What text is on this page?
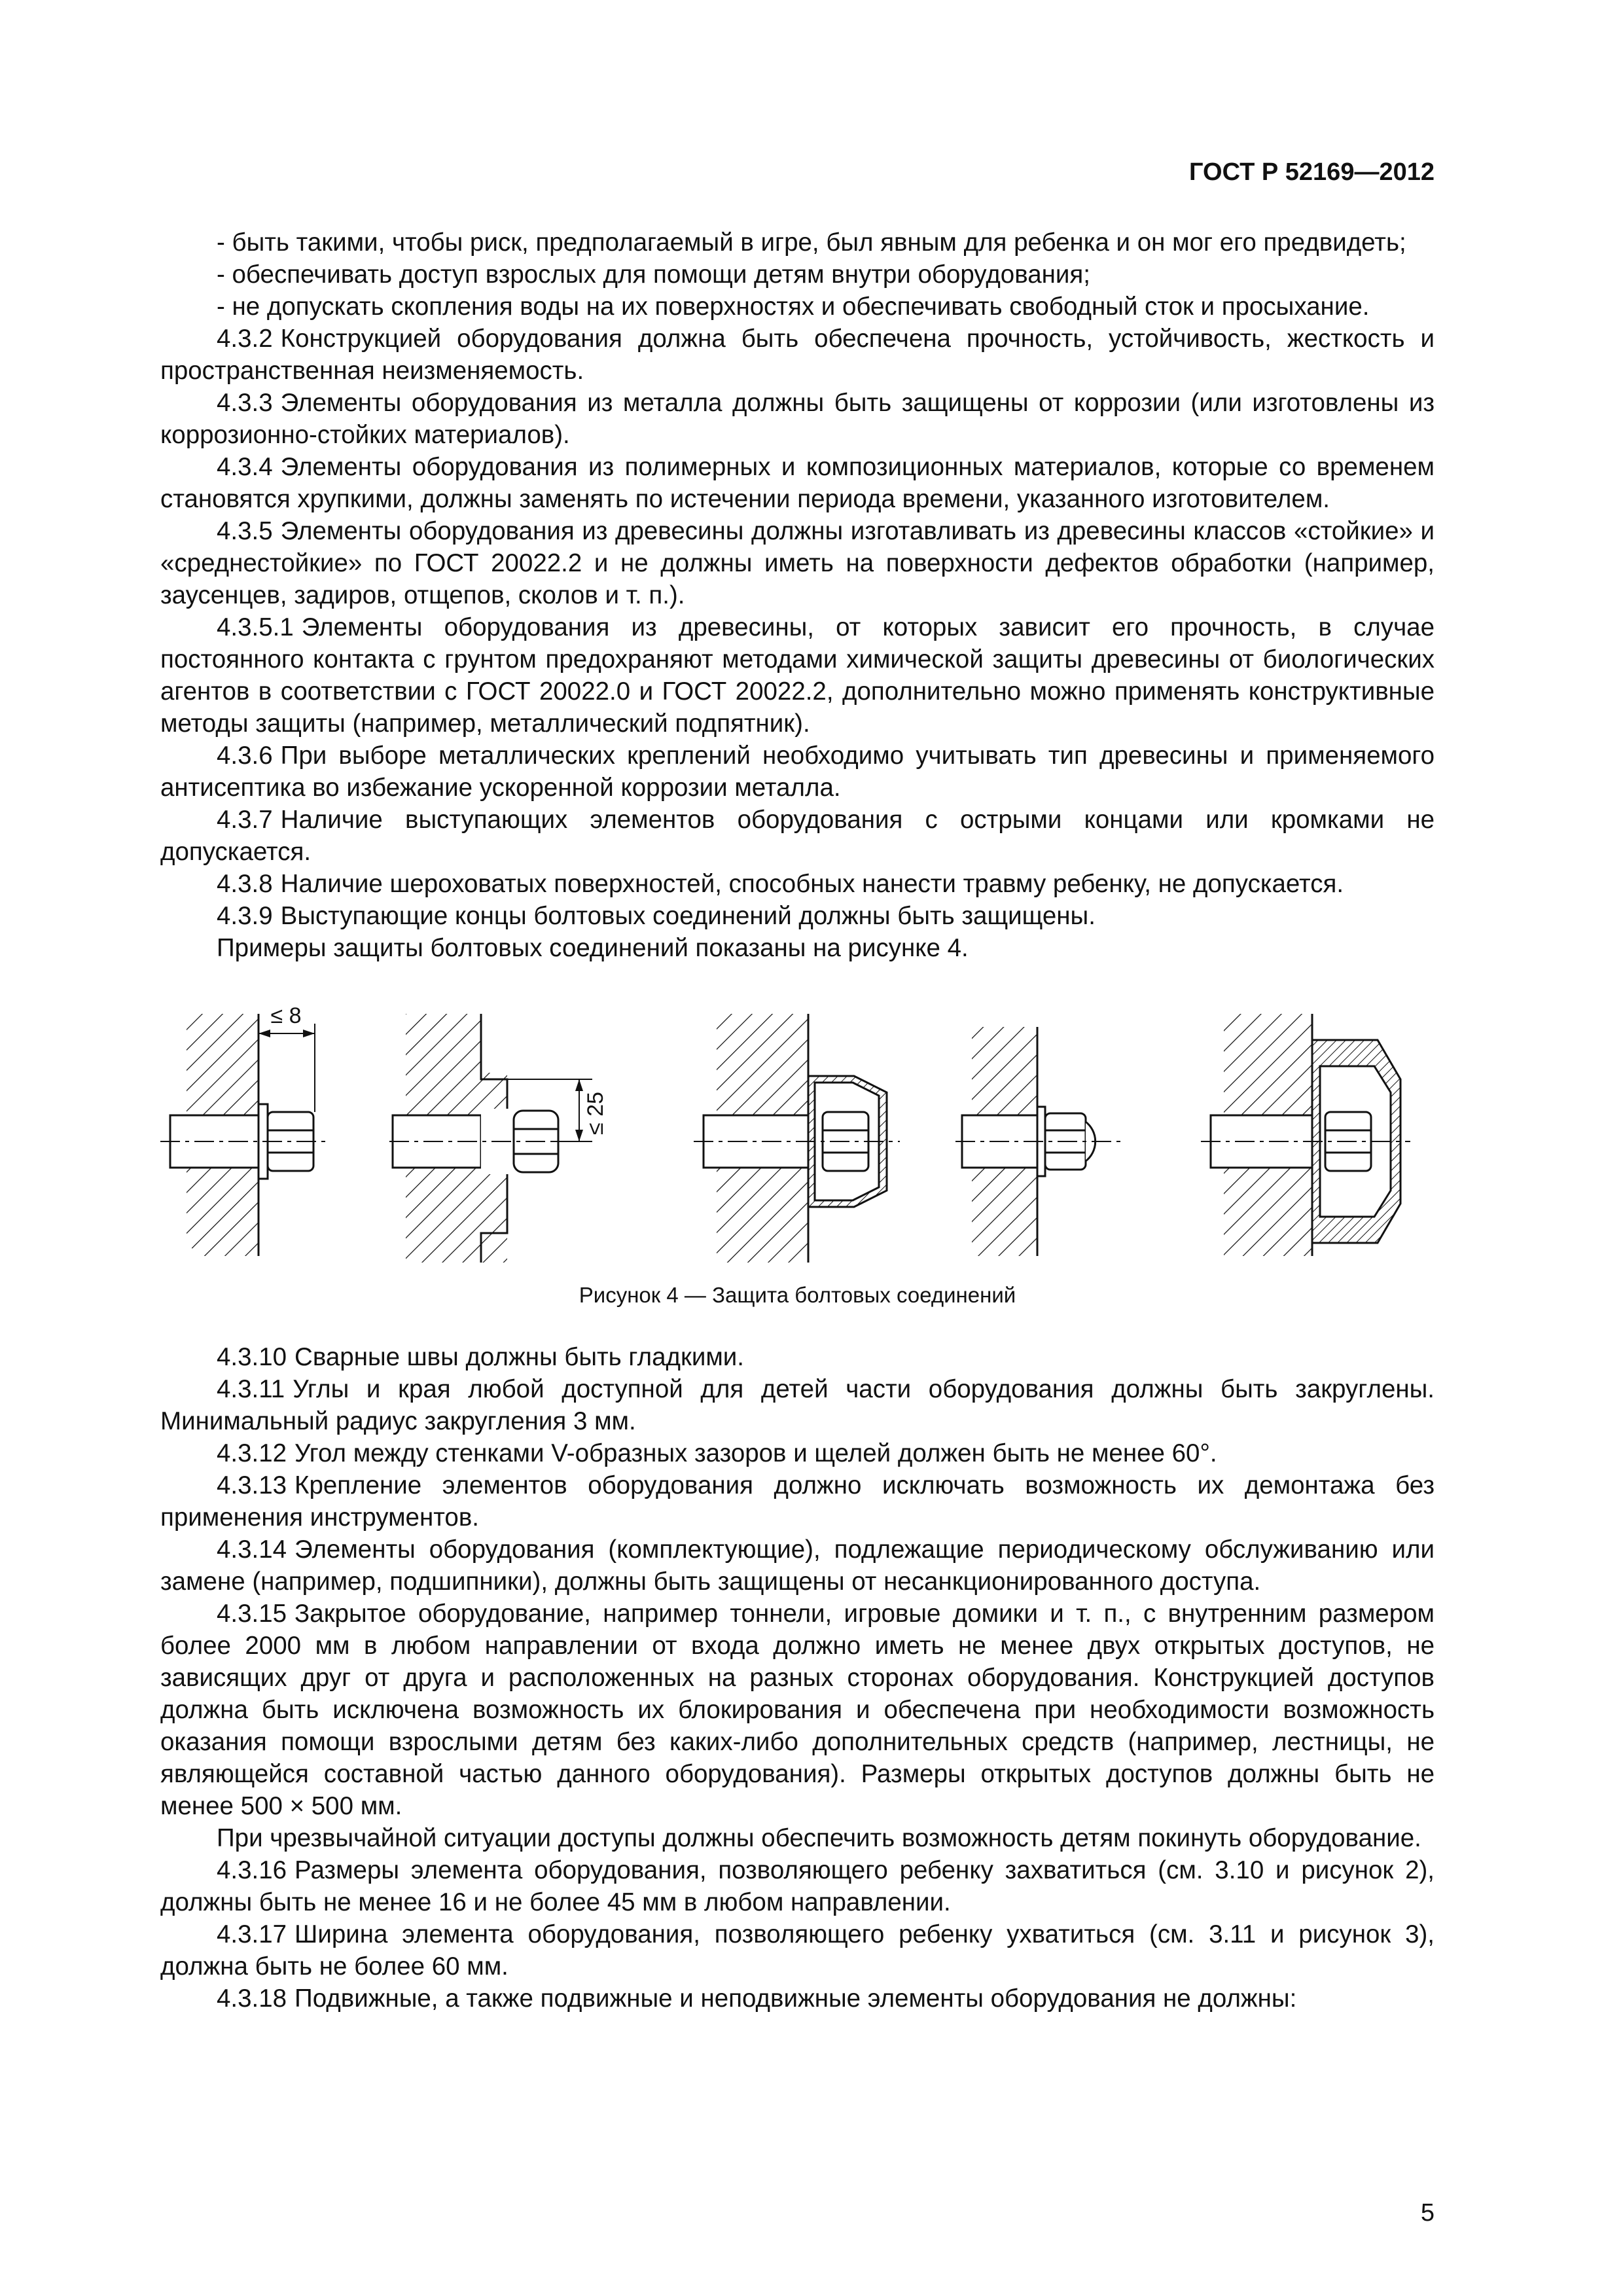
ГОСТ Р 52169—2012

- быть такими, чтобы риск, предполагаемый в игре, был явным для ребенка и он мог его предвидеть;

- обеспечивать доступ взрослых для помощи детям внутри оборудования;

- не допускать скопления воды на их поверхностях и обеспечивать свободный сток и просыхание.

4.3.2 Конструкцией оборудования должна быть обеспечена прочность, устойчивость, жесткость и пространственная неизменяемость.

4.3.3 Элементы оборудования из металла должны быть защищены от коррозии (или изготовлены из коррозионно-стойких материалов).

4.3.4 Элементы оборудования из полимерных и композиционных материалов, которые со временем становятся хрупкими, должны заменять по истечении периода времени, указанного изготовителем.

4.3.5 Элементы оборудования из древесины должны изготавливать из древесины классов «стойкие» и «среднестойкие» по ГОСТ 20022.2 и не должны иметь на поверхности дефектов обработки (например, заусенцев, задиров, отщепов, сколов и т. п.).

4.3.5.1 Элементы оборудования из древесины, от которых зависит его прочность, в случае постоянного контакта с грунтом предохраняют методами химической защиты древесины от биологических агентов в соответствии с ГОСТ 20022.0 и ГОСТ 20022.2, дополнительно можно применять конструктивные методы защиты (например, металлический подпятник).

4.3.6 При выборе металлических креплений необходимо учитывать тип древесины и применяемого антисептика во избежание ускоренной коррозии металла.

4.3.7 Наличие выступающих элементов оборудования с острыми концами или кромками не допускается.

4.3.8 Наличие шероховатых поверхностей, способных нанести травму ребенку, не допускается.

4.3.9 Выступающие концы болтовых соединений должны быть защищены.

Примеры защиты болтовых соединений показаны на рисунке 4.

≤ 8
≤ 25
Рисунок 4 — Защита болтовых соединений

4.3.10 Сварные швы должны быть гладкими.

4.3.11 Углы и края любой доступной для детей части оборудования должны быть закруглены. Минимальный радиус закругления 3 мм.

4.3.12 Угол между стенками V-образных зазоров и щелей должен быть не менее 60°.

4.3.13 Крепление элементов оборудования должно исключать возможность их демонтажа без применения инструментов.

4.3.14 Элементы оборудования (комплектующие), подлежащие периодическому обслуживанию или замене (например, подшипники), должны быть защищены от несанкционированного доступа.

4.3.15 Закрытое оборудование, например тоннели, игровые домики и т. п., с внутренним размером более 2000 мм в любом направлении от входа должно иметь не менее двух открытых доступов, не зависящих друг от друга и расположенных на разных сторонах оборудования. Конструкцией доступов должна быть исключена возможность их блокирования и обеспечена при необходимости возможность оказания помощи взрослыми детям без каких-либо дополнительных средств (например, лестницы, не являющейся составной частью данного оборудования). Размеры открытых доступов должны быть не менее 500 × 500 мм.

При чрезвычайной ситуации доступы должны обеспечить возможность детям покинуть оборудование.

4.3.16 Размеры элемента оборудования, позволяющего ребенку захватиться (см. 3.10 и рисунок 2), должны быть не менее 16 и не более 45 мм в любом направлении.

4.3.17 Ширина элемента оборудования, позволяющего ребенку ухватиться (см. 3.11 и рисунок 3), должна быть не более 60 мм.

4.3.18 Подвижные, а также подвижные и неподвижные элементы оборудования не должны:

5
